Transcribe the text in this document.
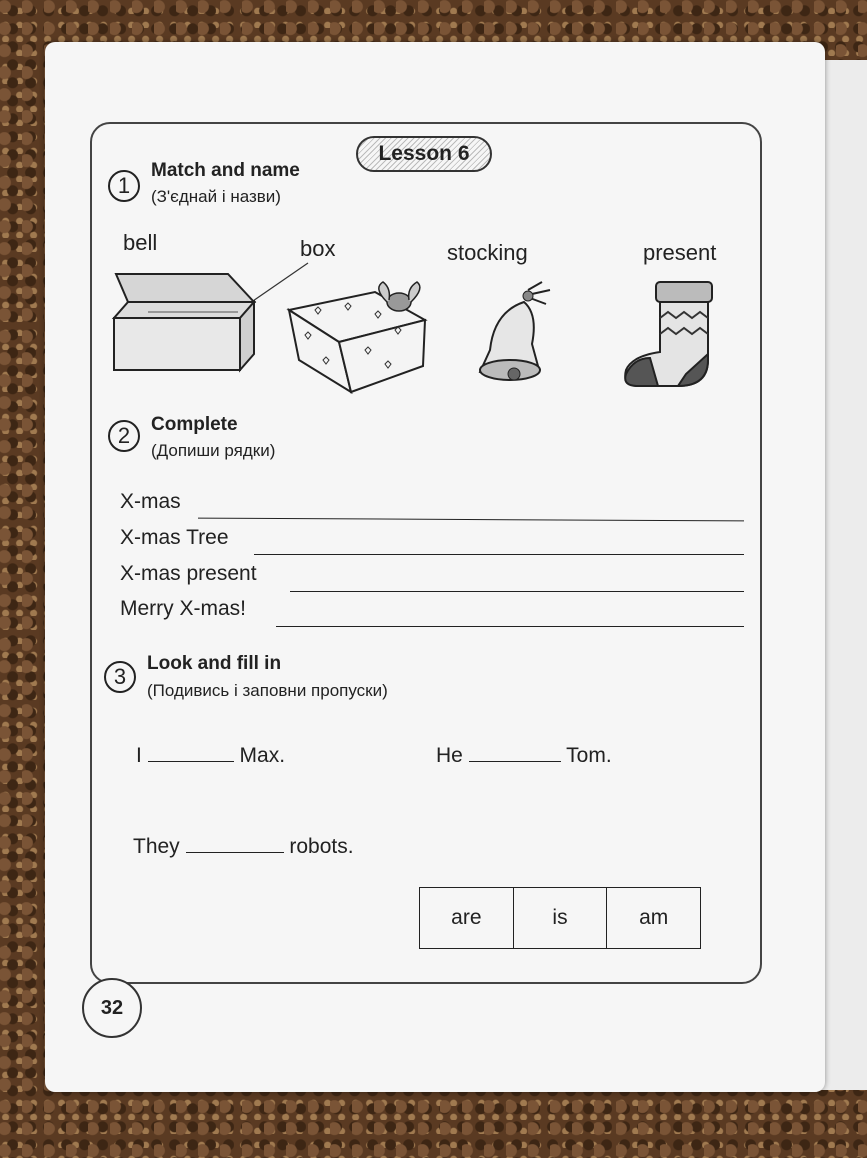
Lesson 6
1
Match and name
(З'єднай і назви)
bell	box	stocking	present
2	Complete
(Допиши рядки)
X-mas
X-mas Tree
X-mas present
Merry X-mas!
3
Look and fill in
(Подивись і заповни пропуски)
I	Max.	He	Tom.
They	robots.
are	is	am
32
